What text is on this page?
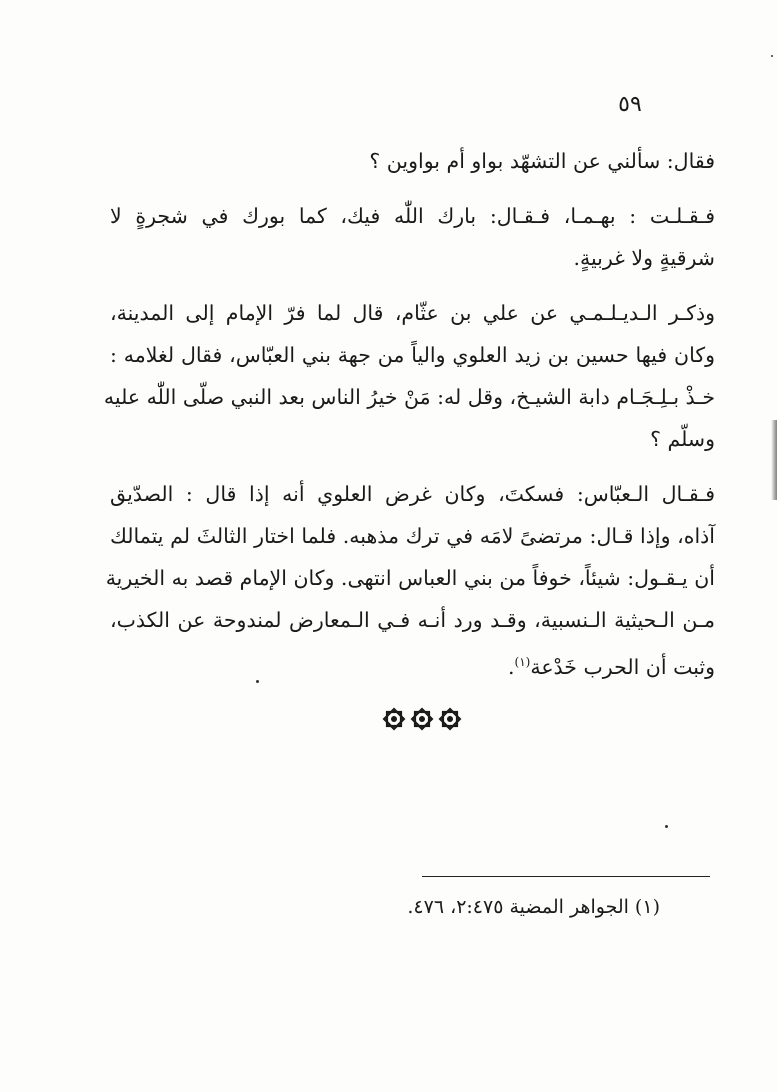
٥٩

فقال: سألني عن التشهّد بواو أم بواوين ؟

فـقـلـت : بهـمـا، فـقـال: بارك اللّٰه فيك، كما بورك في شجرةٍ لا
شرقيةٍ ولا غربيةٍ.

وذكـر الـديـلـمـي عن علي بن عثّام، قال لما فرّ الإمام إلى المدينة،
وكان فيها حسين بن زيد العلوي والياً من جهة بني العبّاس، فقال لغلامه :
خـذْ بـلِـجَـام دابة الشيـخ، وقل له: مَنْ خيرُ الناس بعد النبي صلّى اللّٰه عليه
وسلّم ؟

فـقـال الـعبّاس: فسكتَ، وكان غرض العلوي أنه إذا قال : الصدّيق
آذاه، وإذا قـال: مرتضىً لامَه في ترك مذهبه. فلما اختار الثالثَ لم يتمالك
أن يـقـول: شيئاً، خوفاً من بني العباس انتهى. وكان الإمام قصد به الخيرية
مـن الـحيثية الـنسبية، وقـد ورد أنـه فـي الـمعارض لمندوحة عن الكذب،
وثبت أن الحرب خَدْعة$^{(١)}$.

(١) الجواهر المضية ٢:٤٧٥، ٤٧٦.
